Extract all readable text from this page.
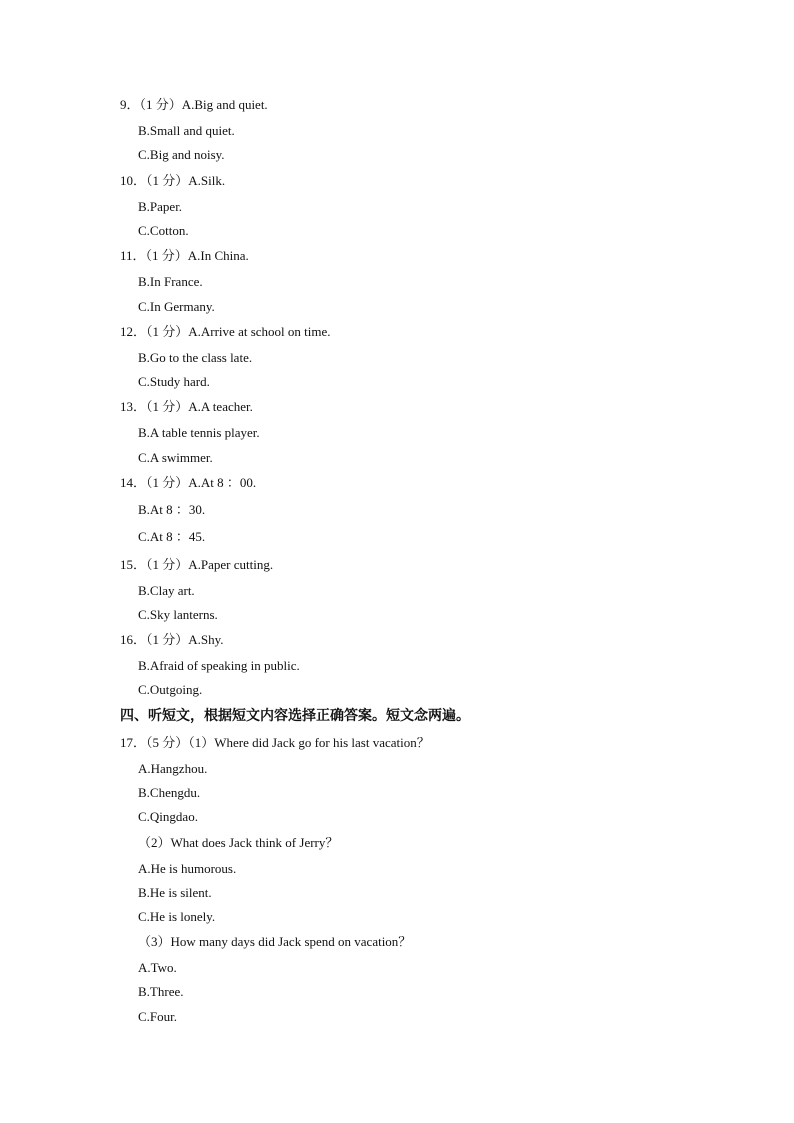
9．（1 分）A.Big and quiet.
B.Small and quiet.
C.Big and noisy.
10．（1 分）A.Silk.
B.Paper.
C.Cotton.
11．（1 分）A.In China.
B.In France.
C.In Germany.
12．（1 分）A.Arrive at school on time.
B.Go to the class late.
C.Study hard.
13．（1 分）A.A teacher.
B.A table tennis player.
C.A swimmer.
14．（1 分）A.At 8 ：00.
B.At 8 ：30.
C.At 8 ：45.
15．（1 分）A.Paper cutting.
B.Clay art.
C.Sky lanterns.
16．（1 分）A.Shy.
B.Afraid of speaking in public.
C.Outgoing.
四、听短文，根据短文内容选择正确答案。短文念两遍。
17．（5 分）（1）Where did Jack go for his last vacation？
A.Hangzhou.
B.Chengdu.
C.Qingdao.
（2）What does Jack think of Jerry？
A.He is humorous.
B.He is silent.
C.He is lonely.
（3）How many days did Jack spend on vacation？
A.Two.
B.Three.
C.Four.
